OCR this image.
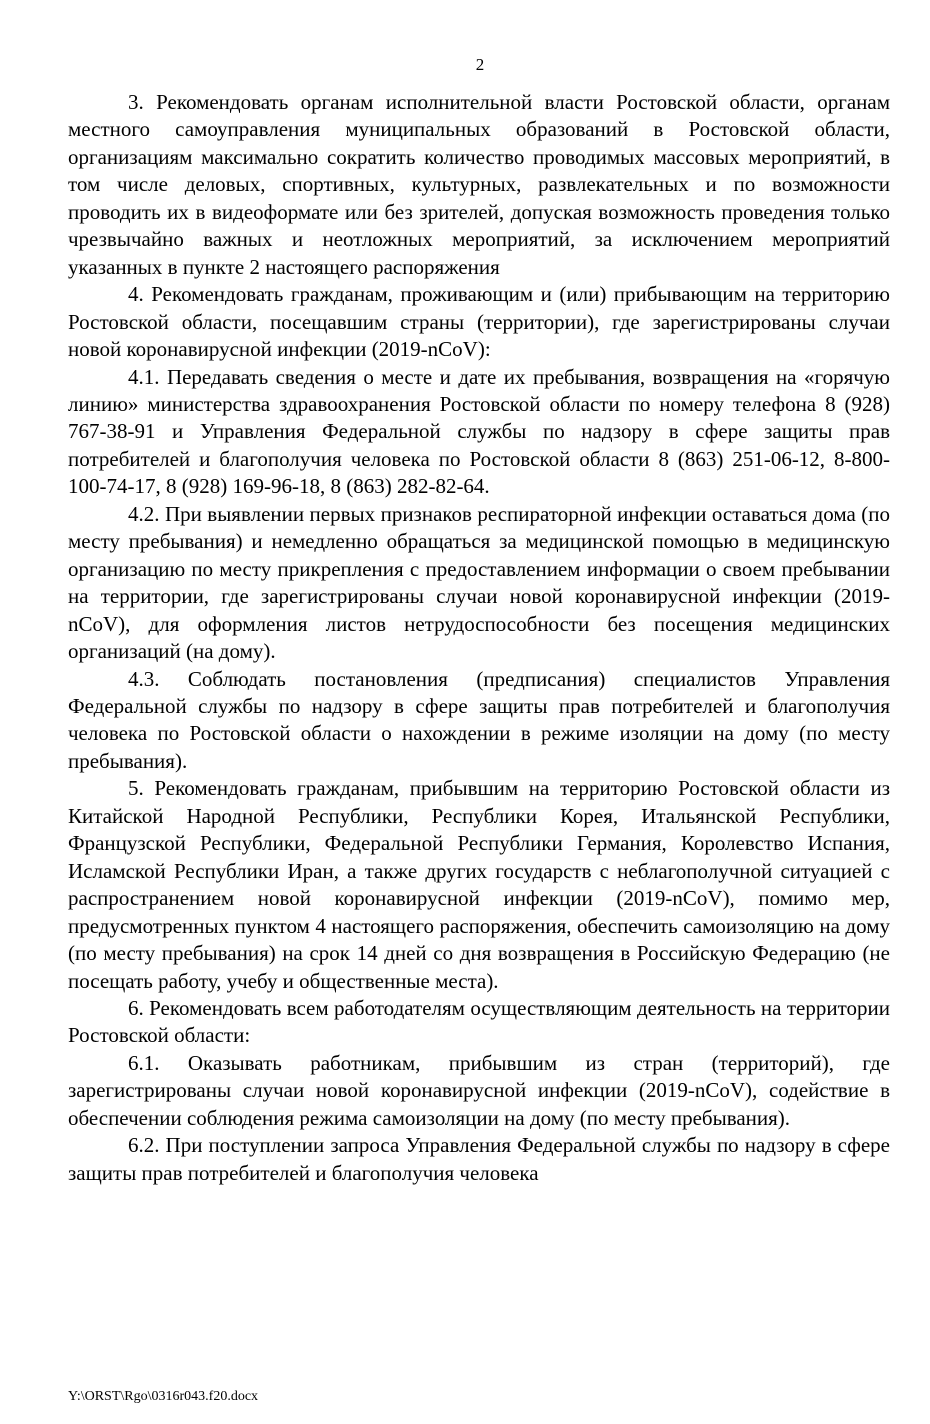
2

3. Рекомендовать органам исполнительной власти Ростовской области, органам местного самоуправления муниципальных образований в Ростовской области, организациям максимально сократить количество проводимых массовых мероприятий, в том числе деловых, спортивных, культурных, развлекательных и по возможности проводить их в видеоформате или без зрителей, допуская возможность проведения только чрезвычайно важных и неотложных мероприятий, за исключением мероприятий указанных в пункте 2 настоящего распоряжения

4. Рекомендовать гражданам, проживающим и (или) прибывающим на территорию Ростовской области, посещавшим страны (территории), где зарегистрированы случаи новой коронавирусной инфекции (2019-nCoV):

4.1. Передавать сведения о месте и дате их пребывания, возвращения на «горячую линию» министерства здравоохранения Ростовской области по номеру телефона 8 (928) 767-38-91 и Управления Федеральной службы по надзору в сфере защиты прав потребителей и благополучия человека по Ростовской области 8 (863) 251-06-12, 8-800-100-74-17, 8 (928) 169-96-18, 8 (863) 282-82-64.

4.2. При выявлении первых признаков респираторной инфекции оставаться дома (по месту пребывания) и немедленно обращаться за медицинской помощью в медицинскую организацию по месту прикрепления с предоставлением информации о своем пребывании на территории, где зарегистрированы случаи новой коронавирусной инфекции (2019-nCoV), для оформления листов нетрудоспособности без посещения медицинских организаций (на дому).

4.3. Соблюдать постановления (предписания) специалистов Управления Федеральной службы по надзору в сфере защиты прав потребителей и благополучия человека по Ростовской области о нахождении в режиме изоляции на дому (по месту пребывания).

5. Рекомендовать гражданам, прибывшим на территорию Ростовской области из Китайской Народной Республики, Республики Корея, Итальянской Республики, Французской Республики, Федеральной Республики Германия, Королевство Испания, Исламской Республики Иран, а также других государств с неблагополучной ситуацией с распространением новой коронавирусной инфекции (2019-nCoV), помимо мер, предусмотренных пунктом 4 настоящего распоряжения, обеспечить самоизоляцию на дому (по месту пребывания) на срок 14 дней со дня возвращения в Российскую Федерацию (не посещать работу, учебу и общественные места).

6. Рекомендовать всем работодателям осуществляющим деятельность на территории Ростовской области:

6.1. Оказывать работникам, прибывшим из стран (территорий), где зарегистрированы случаи новой коронавирусной инфекции (2019-nCoV), содействие в обеспечении соблюдения режима самоизоляции на дому (по месту пребывания).

6.2. При поступлении запроса Управления Федеральной службы по надзору в сфере защиты прав потребителей и благополучия человека

Y:\ORST\Rgo\0316r043.f20.docx
